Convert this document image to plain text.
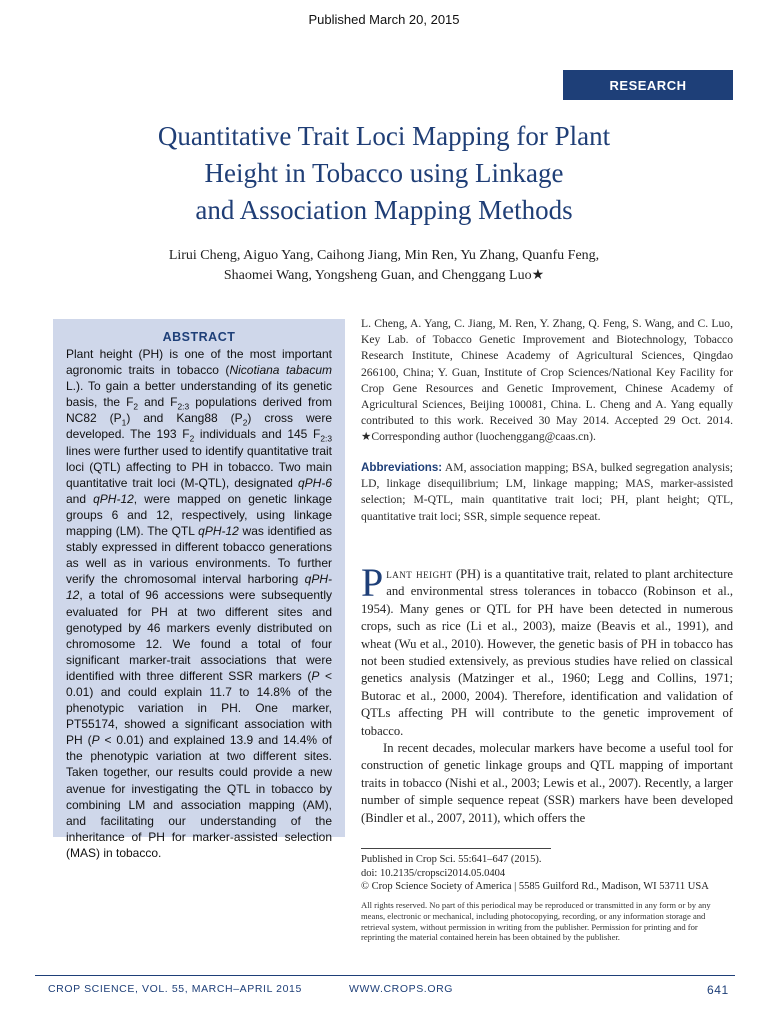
Published March 20, 2015
RESEARCH
Quantitative Trait Loci Mapping for Plant
Height in Tobacco using Linkage
and Association Mapping Methods
Lirui Cheng, Aiguo Yang, Caihong Jiang, Min Ren, Yu Zhang, Quanfu Feng,
Shaomei Wang, Yongsheng Guan, and Chenggang Luo★
ABSTRACT
Plant height (PH) is one of the most important agronomic traits in tobacco (Nicotiana tabacum L.). To gain a better understanding of its genetic basis, the $F_2$ and $F_{2:3}$ populations derived from NC82 $(P_1)$ and Kang88 $(P_2)$ cross were developed. The 193 $F_2$ individuals and 145 $F_{2:3}$ lines were further used to identify quantitative trait loci (QTL) affecting to PH in tobacco. Two main quantitative trait loci (M-QTL), designated qPH-6 and qPH-12, were mapped on genetic linkage groups 6 and 12, respectively, using linkage mapping (LM). The QTL qPH-12 was identified as stably expressed in different tobacco generations as well as in various environments. To further verify the chromosomal interval harboring qPH-12, a total of 96 accessions were subsequently evaluated for PH at two different sites and genotyped by 46 markers evenly distributed on chromosome 12. We found a total of four significant marker-trait associations that were identified with three different SSR markers (P < 0.01) and could explain 11.7 to 14.8% of the phenotypic variation in PH. One marker, PT55174, showed a significant association with PH (P < 0.01) and explained 13.9 and 14.4% of the phenotypic variation at two different sites. Taken together, our results could provide a new avenue for investigating the QTL in tobacco by combining LM and association mapping (AM), and facilitating our understanding of the inheritance of PH for marker-assisted selection (MAS) in tobacco.
L. Cheng, A. Yang, C. Jiang, M. Ren, Y. Zhang, Q. Feng, S. Wang, and C. Luo, Key Lab. of Tobacco Genetic Improvement and Biotechnology, Tobacco Research Institute, Chinese Academy of Agricultural Sciences, Qingdao 266100, China; Y. Guan, Institute of Crop Sciences/National Key Facility for Crop Gene Resources and Genetic Improvement, Chinese Academy of Agricultural Sciences, Beijing 100081, China. L. Cheng and A. Yang equally contributed to this work. Received 30 May 2014. Accepted 29 Oct. 2014. ★Corresponding author (luochenggang@caas.cn).
Abbreviations: AM, association mapping; BSA, bulked segregation analysis; LD, linkage disequilibrium; LM, linkage mapping; MAS, marker-assisted selection; M-QTL, main quantitative trait loci; PH, plant height; QTL, quantitative trait loci; SSR, simple sequence repeat.

Plant height (PH) is a quantitative trait, related to plant architecture and environmental stress tolerances in tobacco (Robinson et al., 1954). Many genes or QTL for PH have been detected in numerous crops, such as rice (Li et al., 2003), maize (Beavis et al., 1991), and wheat (Wu et al., 2010). However, the genetic basis of PH in tobacco has not been studied extensively, as previous studies have relied on classical genetics analysis (Matzinger et al., 1960; Legg and Collins, 1971; Butorac et al., 2000, 2004). Therefore, identification and validation of QTLs affecting PH will contribute to the genetic improvement of tobacco.

In recent decades, molecular markers have become a useful tool for construction of genetic linkage groups and QTL mapping of important traits in tobacco (Nishi et al., 2003; Lewis et al., 2007). Recently, a larger number of simple sequence repeat (SSR) markers have been developed (Bindler et al., 2007, 2011), which offers the

Published in Crop Sci. 55:641–647 (2015).
doi: 10.2135/cropsci2014.05.0404
© Crop Science Society of America | 5585 Guilford Rd., Madison, WI 53711 USA
All rights reserved. No part of this periodical may be reproduced or transmitted in any form or by any means, electronic or mechanical, including photocopying, recording, or any information storage and retrieval system, without permission in writing from the publisher. Permission for printing and for reprinting the material contained herein has been obtained by the publisher.
CROP SCIENCE, VOL. 55, MARCH–APRIL 2015	WWW.CROPS.ORG	641
